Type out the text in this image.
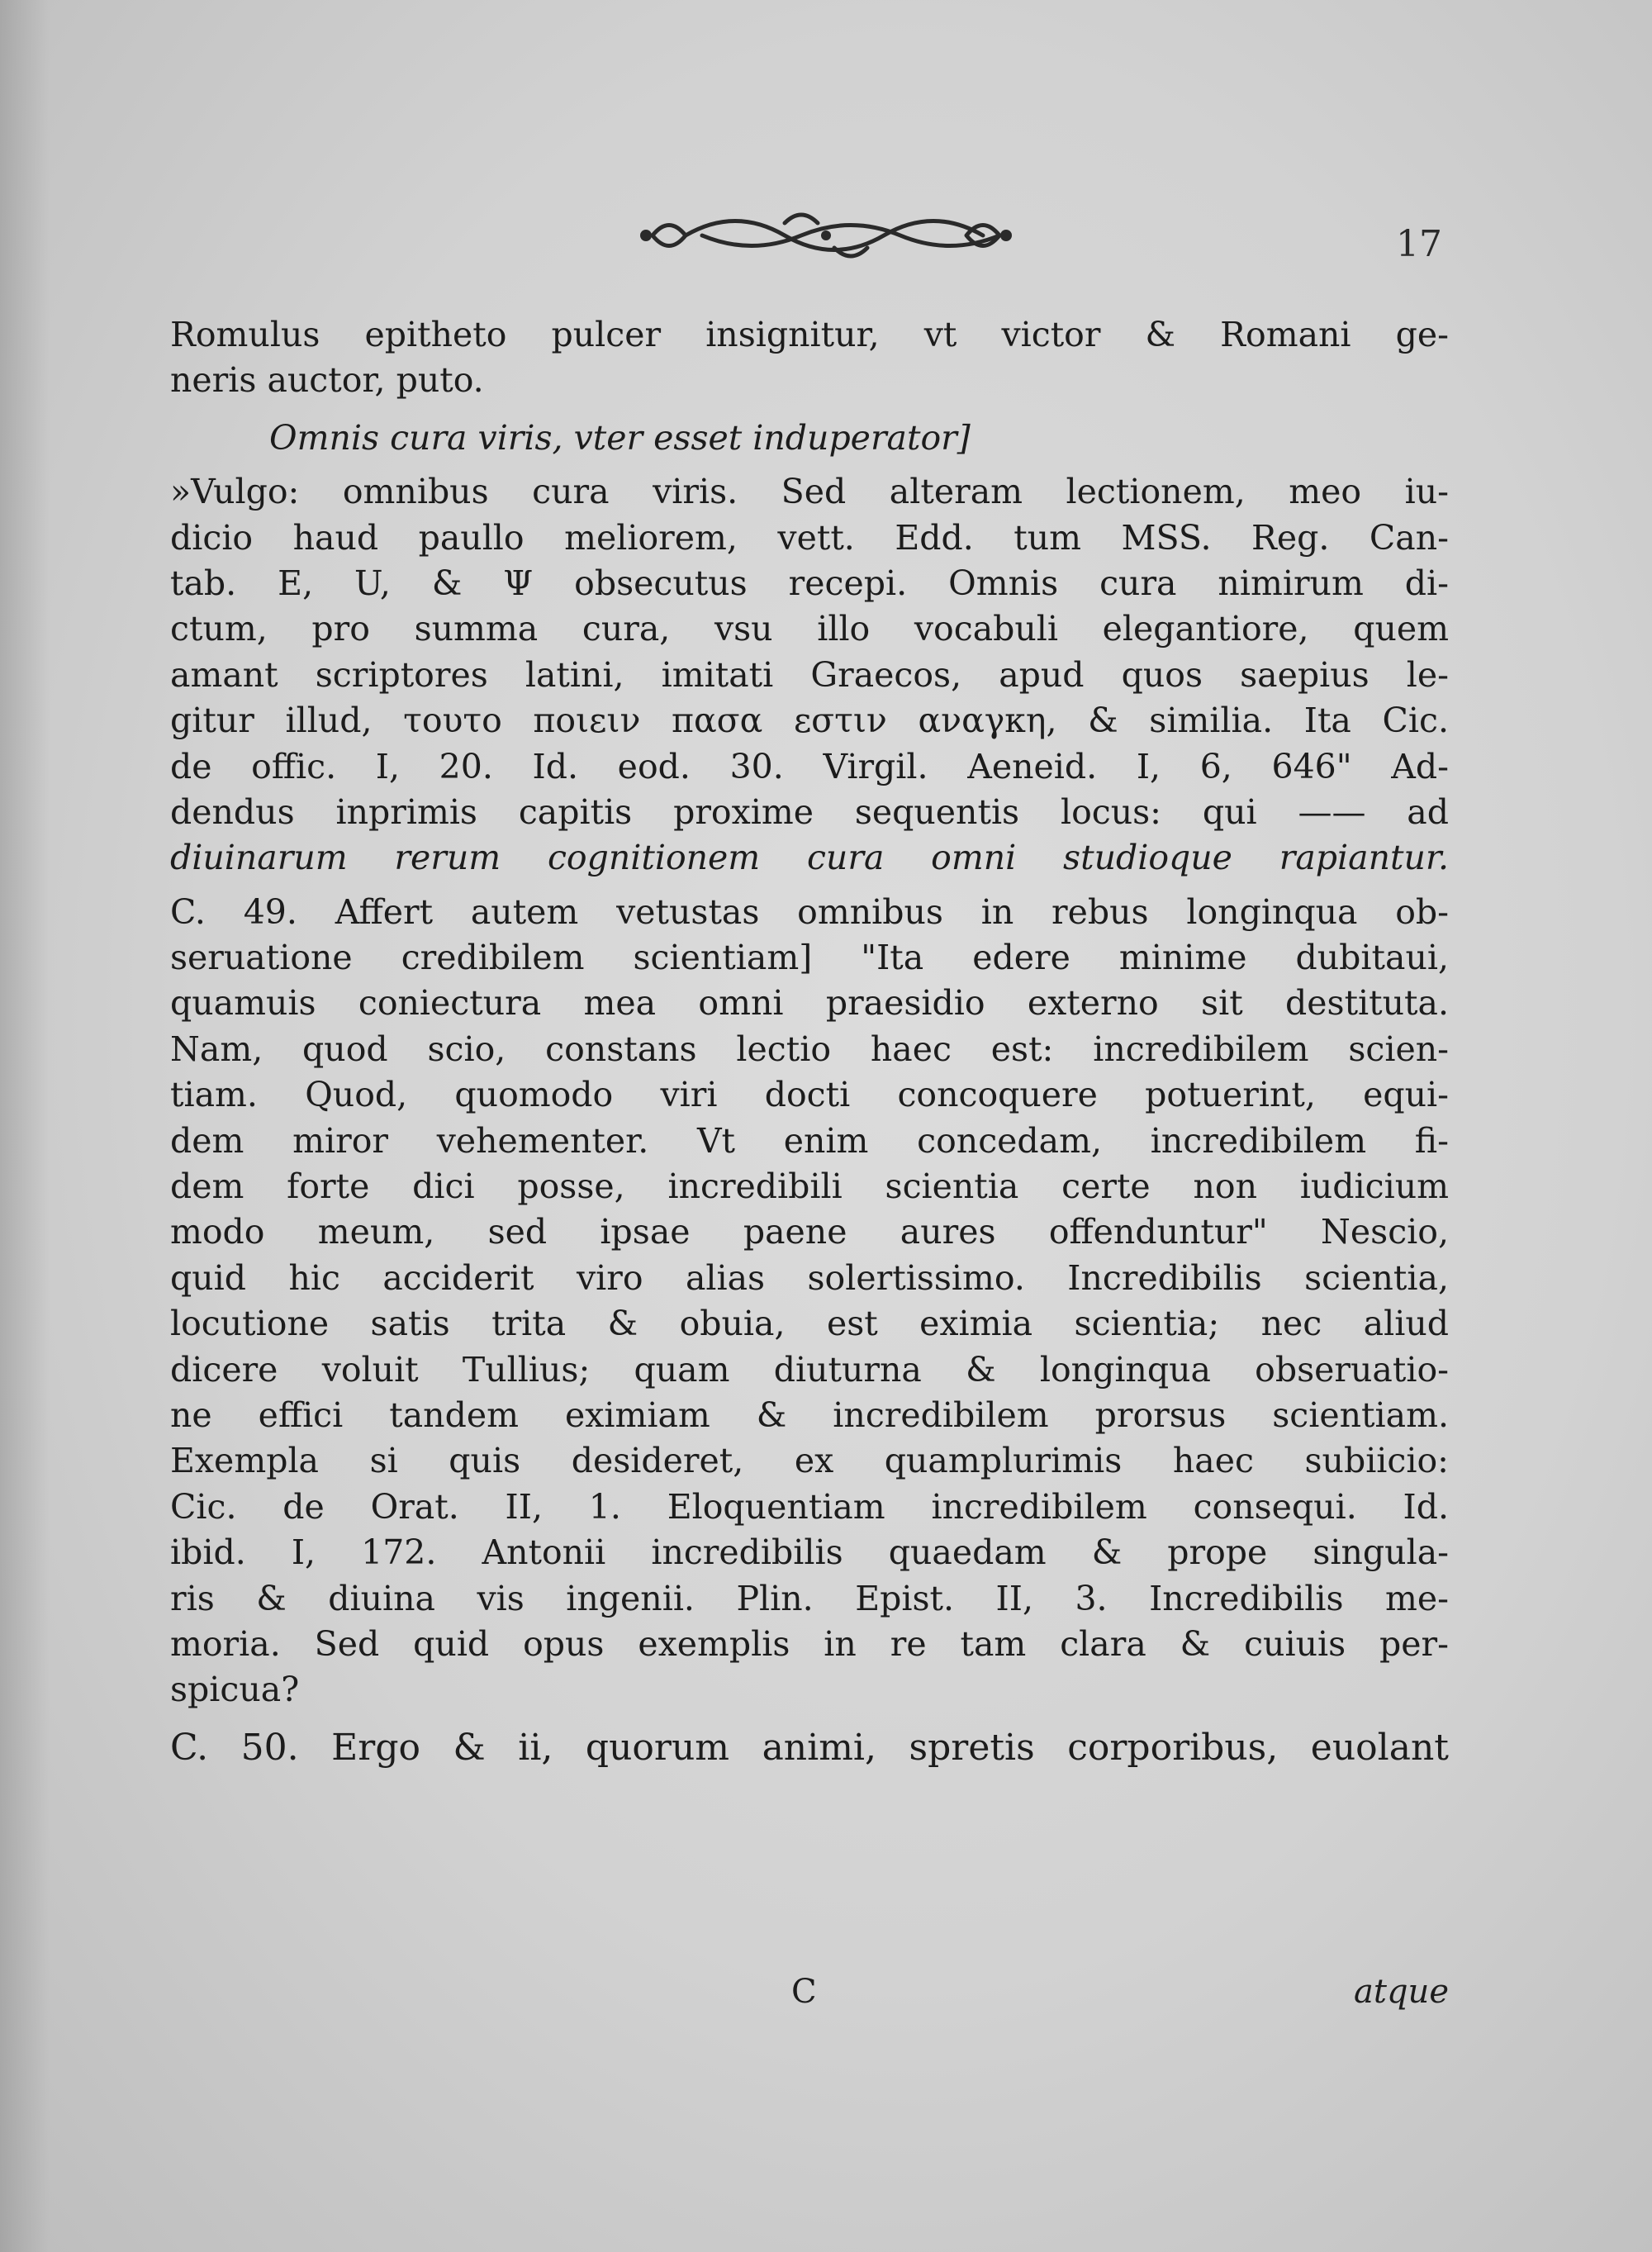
17
Romulus epitheto pulcer insignitur, vt victor & Romani ge-
neris auctor, puto.
Omnis cura viris, vter esset induperator]
»Vulgo: omnibus cura viris. Sed alteram lectionem, meo iu-
dicio haud paullo meliorem, vett. Edd. tum MSS. Reg. Can-
tab. E, U, & Ψ obsecutus recepi. Omnis cura nimirum di-
ctum, pro summa cura, vsu illo vocabuli elegantiore, quem
amant scriptores latini, imitati Graecos, apud quos saepius le-
gitur illud, τουτο ποιειν πασα εστιν αναγκη, & similia. Ita Cic.
de offic. I, 20. Id. eod. 30. Virgil. Aeneid. I, 6, 646" Ad-
dendus inprimis capitis proxime sequentis locus: qui —— ad
diuinarum rerum cognitionem cura omni studioque rapiantur.
C. 49. Affert autem vetustas omnibus in rebus longinqua ob-
seruatione credibilem scientiam] "Ita edere minime dubitaui,
quamuis coniectura mea omni praesidio externo sit destituta.
Nam, quod scio, constans lectio haec est: incredibilem scien-
tiam. Quod, quomodo viri docti concoquere potuerint, equi-
dem miror vehementer. Vt enim concedam, incredibilem fi-
dem forte dici posse, incredibili scientia certe non iudicium
modo meum, sed ipsae paene aures offenduntur" Nescio,
quid hic acciderit viro alias solertissimo. Incredibilis scientia,
locutione satis trita & obuia, est eximia scientia; nec aliud
dicere voluit Tullius; quam diuturna & longinqua obseruatio-
ne effici tandem eximiam & incredibilem prorsus scientiam.
Exempla si quis desideret, ex quamplurimis haec subiicio:
Cic. de Orat. II, 1. Eloquentiam incredibilem consequi. Id.
ibid. I, 172. Antonii incredibilis quaedam & prope singula-
ris & diuina vis ingenii. Plin. Epist. II, 3. Incredibilis me-
moria. Sed quid opus exemplis in re tam clara & cuiuis per-
spicua?
C. 50. Ergo & ii, quorum animi, spretis corporibus, euolant
C	atque
